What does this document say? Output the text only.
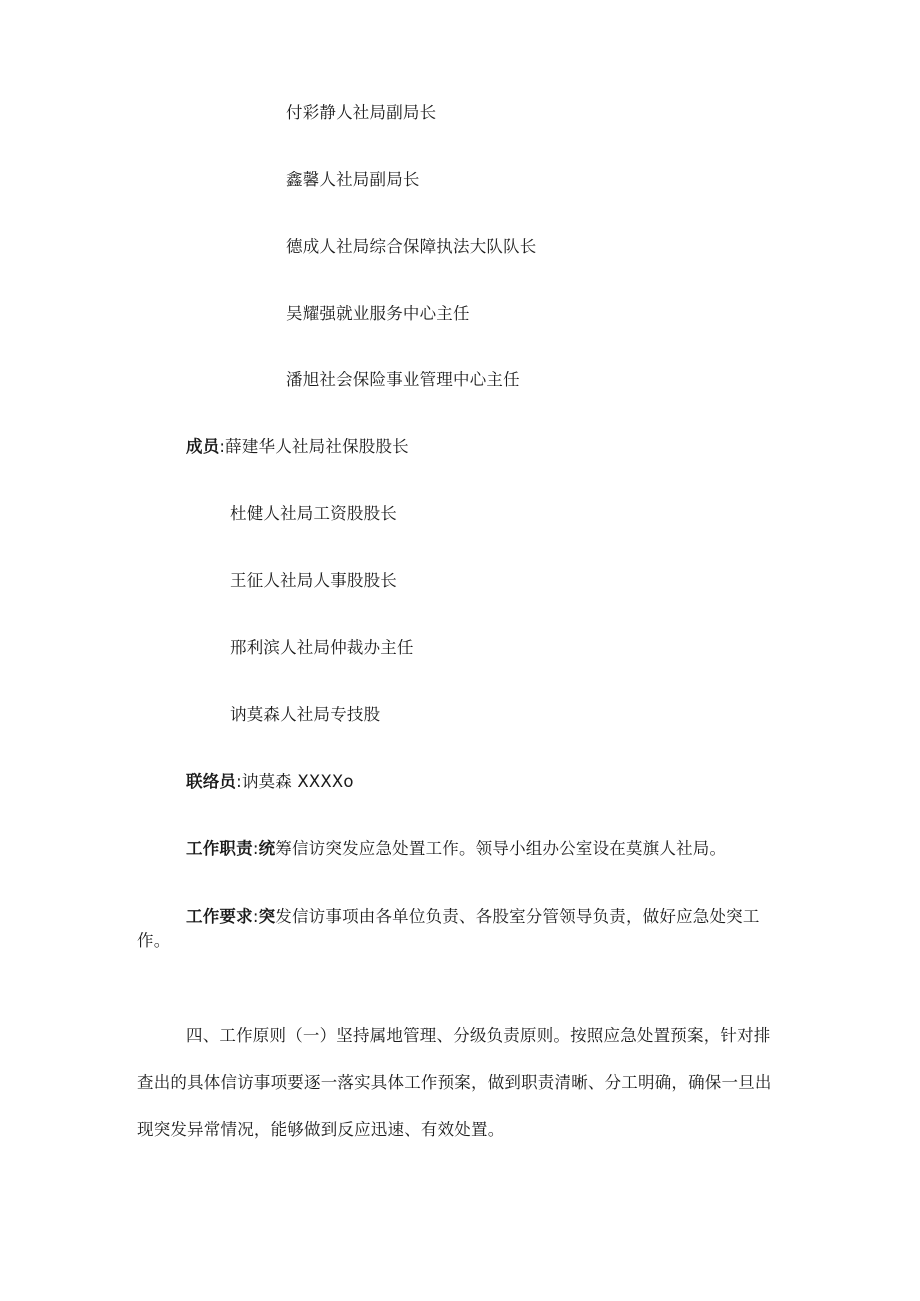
付彩静人社局副局长
鑫馨人社局副局长
德成人社局综合保障执法大队队长
吴耀强就业服务中心主任
潘旭社会保险事业管理中心主任
成员:薛建华人社局社保股股长
杜健人社局工资股股长
王征人社局人事股股长
邢利滨人社局仲裁办主任
讷莫森人社局专技股
联络员:讷莫森 XXXXo
工作职责:统筹信访突发应急处置工作。领导小组办公室设在莫旗人社局。
工作要求:突发信访事项由各单位负责、各股室分管领导负责，做好应急处突工作。
四、工作原则（一）坚持属地管理、分级负责原则。按照应急处置预案，针对排查出的具体信访事项要逐一落实具体工作预案，做到职责清晰、分工明确，确保一旦出现突发异常情况，能够做到反应迅速、有效处置。
